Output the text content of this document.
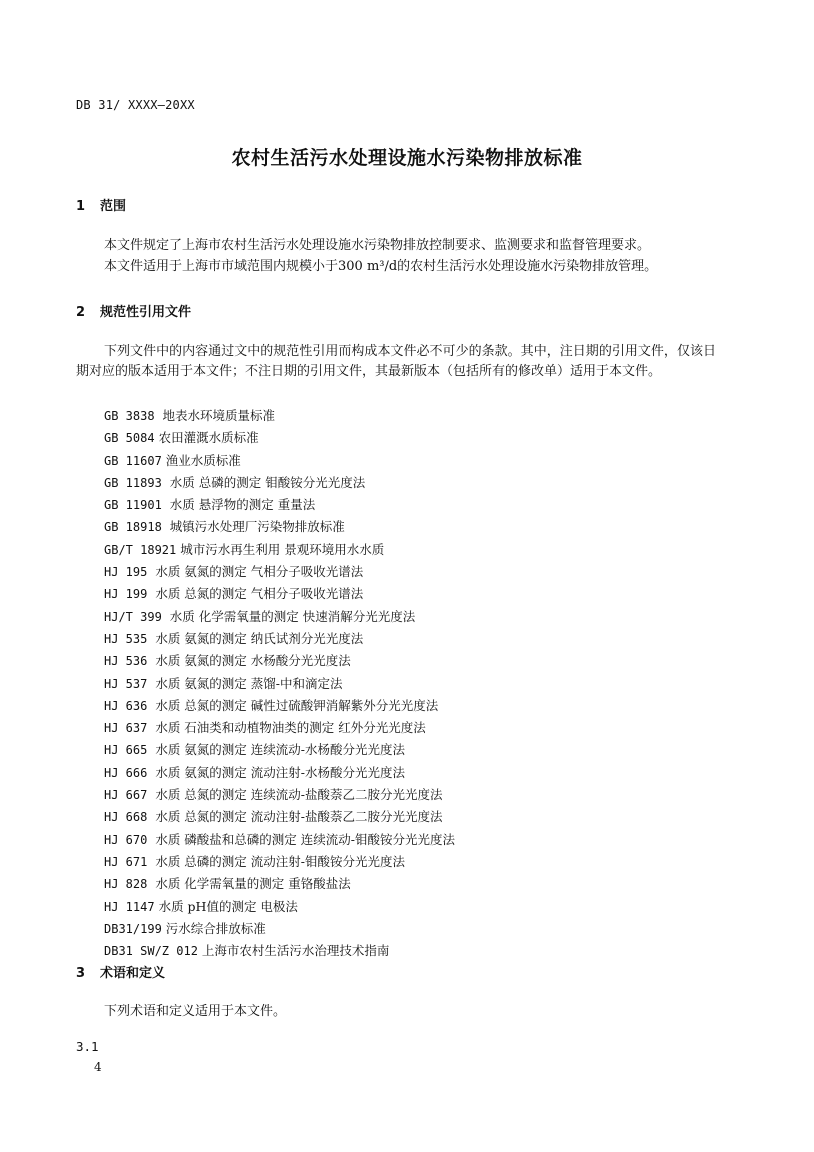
DB 31/ XXXX—20XX
农村生活污水处理设施水污染物排放标准
1 范围
本文件规定了上海市农村生活污水处理设施水污染物排放控制要求、监测要求和监督管理要求。
本文件适用于上海市市域范围内规模小于300 m³/d的农村生活污水处理设施水污染物排放管理。
2 规范性引用文件
下列文件中的内容通过文中的规范性引用而构成本文件必不可少的条款。其中，注日期的引用文件，仅该日期对应的版本适用于本文件；不注日期的引用文件，其最新版本（包括所有的修改单）适用于本文件。
GB 3838 地表水环境质量标准
GB 5084 农田灌溉水质标准
GB 11607 渔业水质标准
GB 11893 水质 总磷的测定 钼酸铵分光光度法
GB 11901 水质 悬浮物的测定 重量法
GB 18918 城镇污水处理厂污染物排放标准
GB/T 18921 城市污水再生利用 景观环境用水水质
HJ 195 水质 氨氮的测定 气相分子吸收光谱法
HJ 199 水质 总氮的测定 气相分子吸收光谱法
HJ/T 399 水质 化学需氧量的测定 快速消解分光光度法
HJ 535 水质 氨氮的测定 纳氏试剂分光光度法
HJ 536 水质 氨氮的测定 水杨酸分光光度法
HJ 537 水质 氨氮的测定 蒸馏-中和滴定法
HJ 636 水质 总氮的测定 碱性过硫酸钾消解紫外分光光度法
HJ 637 水质 石油类和动植物油类的测定 红外分光光度法
HJ 665 水质 氨氮的测定 连续流动-水杨酸分光光度法
HJ 666 水质 氨氮的测定 流动注射-水杨酸分光光度法
HJ 667 水质 总氮的测定 连续流动-盐酸萘乙二胺分光光度法
HJ 668 水质 总氮的测定 流动注射-盐酸萘乙二胺分光光度法
HJ 670 水质 磷酸盐和总磷的测定 连续流动-钼酸铵分光光度法
HJ 671 水质 总磷的测定 流动注射-钼酸铵分光光度法
HJ 828 水质 化学需氧量的测定 重铬酸盐法
HJ 1147 水质 pH值的测定 电极法
DB31/199 污水综合排放标准
DB31 SW/Z 012 上海市农村生活污水治理技术指南
3 术语和定义
下列术语和定义适用于本文件。
3.1
4
